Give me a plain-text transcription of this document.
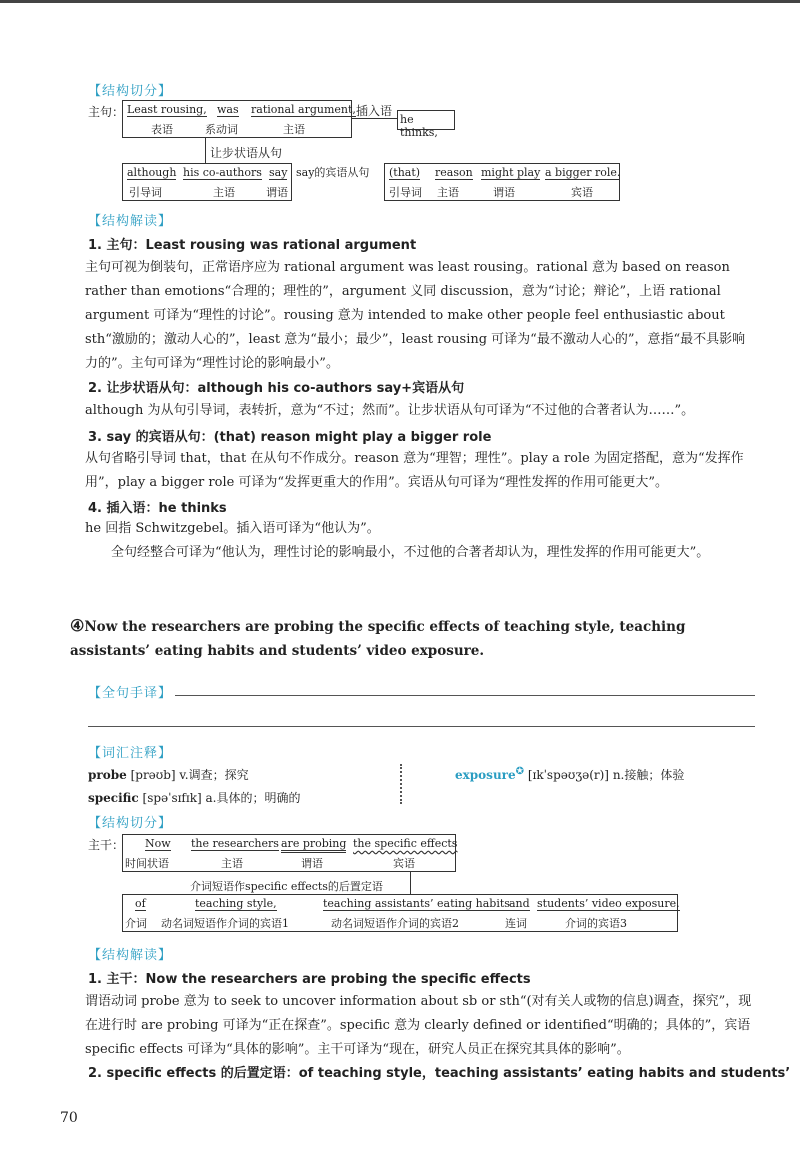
【结构切分】
主句： Least rousing,
表语
was
系动词
rational argument,
主语
插入语
he thinks,
让步状语从句
although
引导词
his co-authors
主语
say
谓语
say的宾语从句 (that)
引导词
reason
主语
might play
谓语
a bigger role.
宾语
【结构解读】
1. 主句：Least rousing was rational argument
主句可视为倒装句，正常语序应为 rational argument was least rousing。rational 意为 based on reason rather than emotions“合理的；理性的”，argument 义同 discussion，意为“讨论；辩论”，上语 rational argument 可译为“理性的讨论”。rousing 意为 intended to make other people feel enthusiastic about sth“激励的；激动人心的”，least 意为“最小；最少”，least rousing 可译为“最不激动人心的”，意指“最不具影响力的”。主句可译为“理性讨论的影响最小”。
2. 让步状语从句：although his co-authors say+宾语从句
although 为从句引导词，表转折，意为“不过；然而”。让步状语从句可译为“不过他的合著者认为……”。
3. say 的宾语从句：(that) reason might play a bigger role
从句省略引导词 that，that 在从句不作成分。reason 意为“理智；理性”。play a role 为固定搭配，意为“发挥作用”，play a bigger role 可译为“发挥更重大的作用”。宾语从句可译为“理性发挥的作用可能更大”。
4. 插入语：he thinks
he 回指 Schwitzgebel。插入语可译为“他认为”。
全句经整合可译为“他认为，理性讨论的影响最小，不过他的合著者却认为，理性发挥的作用可能更大”。
④Now the researchers are probing the specific effects of teaching style, teaching assistants’ eating habits and students’ video exposure.
【全句手译】
【词汇注释】
probe [prəʊb] v.调查；探究
specific [spəˈsɪfɪk] a.具体的；明确的
exposure✪ [ɪkˈspəʊʒə(r)] n.接触；体验
【结构切分】
主干： Now
时间状语
the researchers
主语
are probing
谓语
the specific effects
宾语
介词短语作specific effects的后置定语
of
介词
teaching style,
动名词短语作介词的宾语1
teaching assistants’ eating habits
动名词短语作介词的宾语2
and
连词
students’ video exposure.
介词的宾语3
【结构解读】
1. 主干：Now the researchers are probing the specific effects
谓语动词 probe 意为 to seek to uncover information about sb or sth“(对有关人或物的信息)调查，探究”，现在进行时 are probing 可译为“正在探查”。specific 意为 clearly defined or identified“明确的；具体的”，宾语 specific effects 可译为“具体的影响”。主干可译为“现在，研究人员正在探究其具体的影响”。
2. specific effects 的后置定语：of teaching style，teaching assistants’ eating habits and students’
70
